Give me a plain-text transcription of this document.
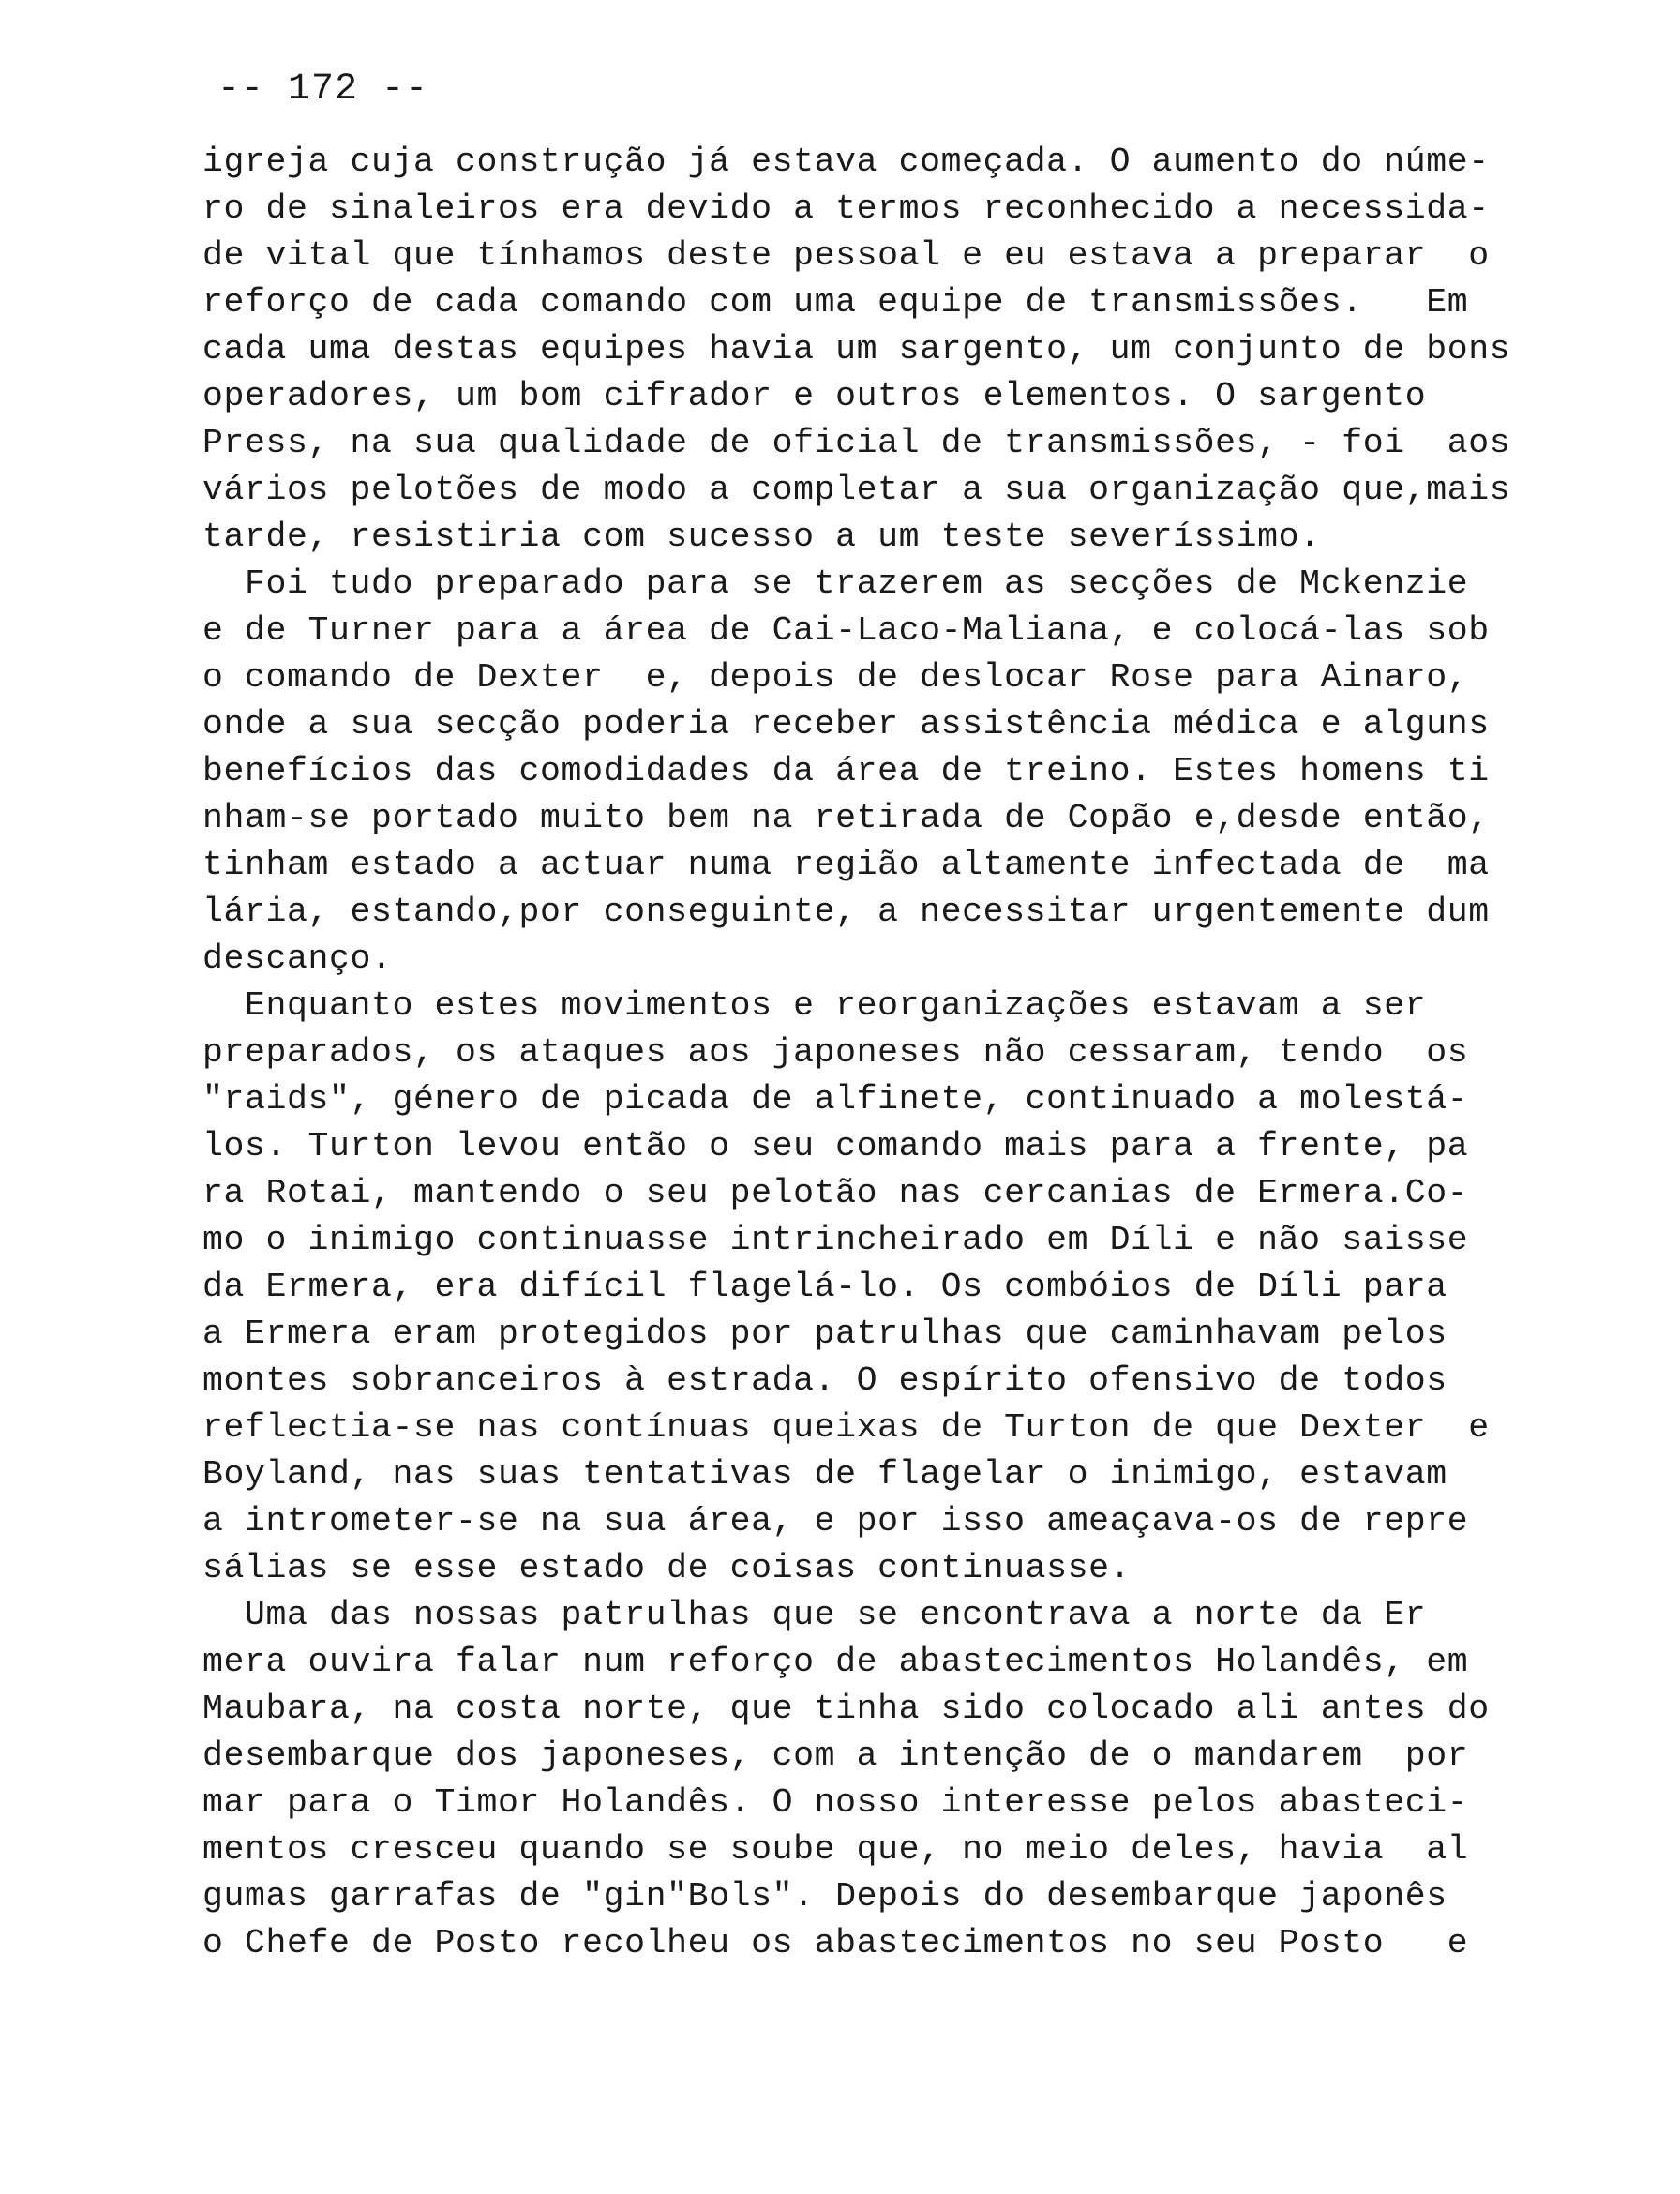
-- 172 --
igreja cuja construção já estava começada. O aumento do núme-
ro de sinaleiros era devido a termos reconhecido a necessida-
de vital que tínhamos deste pessoal e eu estava a preparar  o
reforço de cada comando com uma equipe de transmissões.   Em
cada uma destas equipes havia um sargento, um conjunto de bons
operadores, um bom cifrador e outros elementos. O sargento
Press, na sua qualidade de oficial de transmissões, - foi  aos
vários pelotões de modo a completar a sua organização que,mais
tarde, resistiria com sucesso a um teste severíssimo.
Foi tudo preparado para se trazerem as secções de Mckenzie
e de Turner para a área de Cai-Laco-Maliana, e colocá-las sob
o comando de Dexter  e, depois de deslocar Rose para Ainaro,
onde a sua secção poderia receber assistência médica e alguns
benefícios das comodidades da área de treino. Estes homens ti
nham-se portado muito bem na retirada de Copão e,desde então,
tinham estado a actuar numa região altamente infectada de  ma
lária, estando,por conseguinte, a necessitar urgentemente dum
descanço.
Enquanto estes movimentos e reorganizações estavam a ser
preparados, os ataques aos japoneses não cessaram, tendo  os
"raids", género de picada de alfinete, continuado a molestá-
los. Turton levou então o seu comando mais para a frente, pa
ra Rotai, mantendo o seu pelotão nas cercanias de Ermera.Co-
mo o inimigo continuasse intrincheirado em Díli e não saisse
da Ermera, era difícil flagelá-lo. Os combóios de Díli para
a Ermera eram protegidos por patrulhas que caminhavam pelos
montes sobranceiros à estrada. O espírito ofensivo de todos
reflectia-se nas contínuas queixas de Turton de que Dexter  e
Boyland, nas suas tentativas de flagelar o inimigo, estavam
a intrometer-se na sua área, e por isso ameaçava-os de repre
sálias se esse estado de coisas continuasse.
Uma das nossas patrulhas que se encontrava a norte da Er
mera ouvira falar num reforço de abastecimentos Holandês, em
Maubara, na costa norte, que tinha sido colocado ali antes do
desembarque dos japoneses, com a intenção de o mandarem  por
mar para o Timor Holandês. O nosso interesse pelos abasteci-
mentos cresceu quando se soube que, no meio deles, havia  al
gumas garrafas de "gin"Bols". Depois do desembarque japonês
o Chefe de Posto recolheu os abastecimentos no seu Posto   e
